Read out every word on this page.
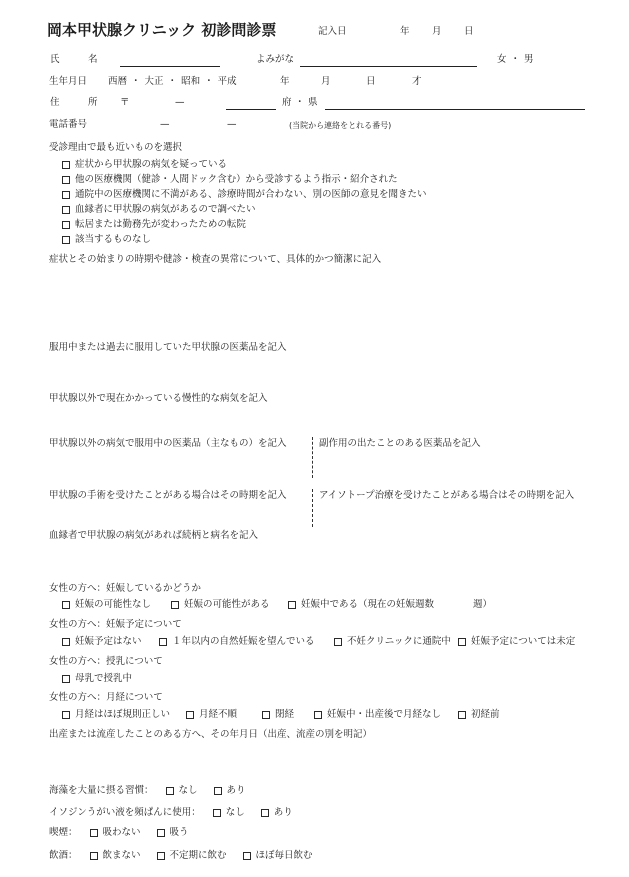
岡本甲状腺クリニック 初診問診票	記入日	年 月 日
氏	名	よみがな	女 ・ 男
生年月日 西暦 ・ 大正 ・ 昭和 ・ 平成	年	月	日	才
住	所 〒	—	府 ・ 県
電話番号	—	—	(当院から連絡をとれる番号)
受診理由で最も近いものを選択
症状から甲状腺の病気を疑っている
他の医療機関（健診・人間ドック含む）から受診するよう指示・紹介された
通院中の医療機関に不満がある、診療時間が合わない、別の医師の意見を聞きたい
血縁者に甲状腺の病気があるので調べたい
転居または勤務先が変わったための転院
該当するものなし
症状とその始まりの時期や健診・検査の異常について、具体的かつ簡潔に記入
服用中または過去に服用していた甲状腺の医薬品を記入
甲状腺以外で現在かかっている慢性的な病気を記入
甲状腺以外の病気で服用中の医薬品（主なもの）を記入	副作用の出たことのある医薬品を記入
甲状腺の手術を受けたことがある場合はその時期を記入	アイソトープ治療を受けたことがある場合はその時期を記入
血縁者で甲状腺の病気があれば続柄と病名を記入
女性の方へ：妊娠しているかどうか
妊娠の可能性なし	妊娠の可能性がある	妊娠中である（現在の妊娠週数	週）
女性の方へ：妊娠予定について
妊娠予定はない	１年以内の自然妊娠を望んでいる	不妊クリニックに通院中 妊娠予定については未定
女性の方へ：授乳について
母乳で授乳中
女性の方へ：月経について
月経はほぼ規則正しい	月経不順	閉経	妊娠中・出産後で月経なし	初経前
出産または流産したことのある方へ、その年月日（出産、流産の別を明記）
海藻を大量に摂る習慣：	なし	あり
イソジンうがい液を頻ぱんに使用：	なし	あり
喫煙：	吸わない	吸う
飲酒：	飲まない	不定期に飲む	ほぼ毎日飲む
